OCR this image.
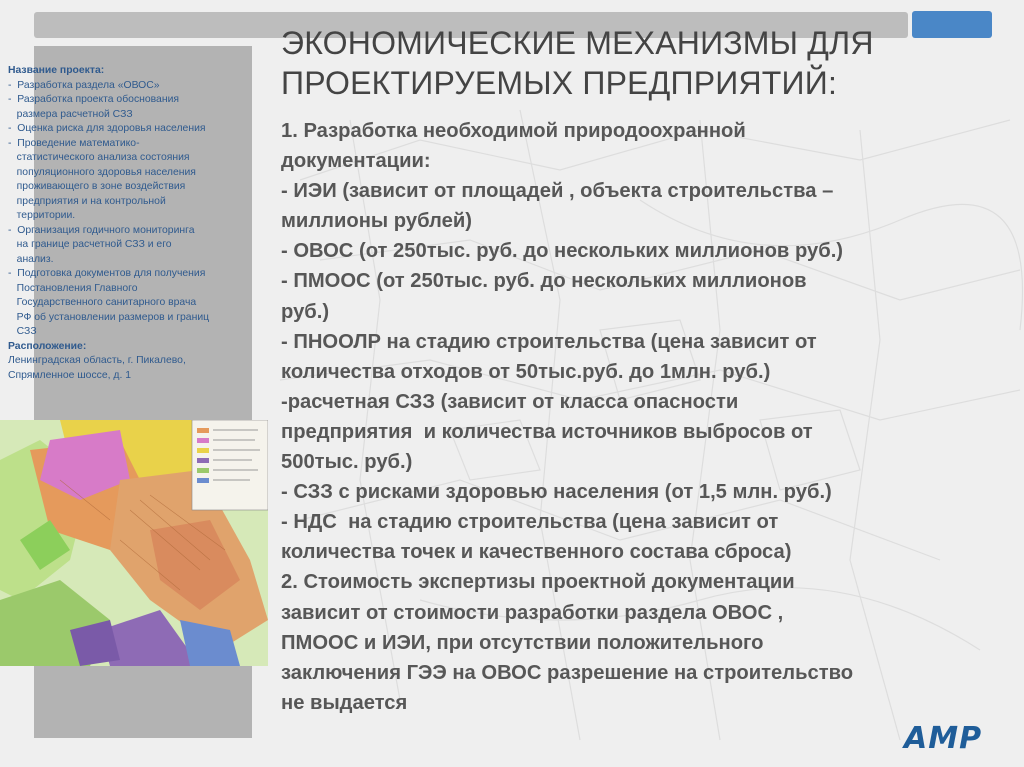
Название проекта:
-  Разработка раздела «ОВОС»
-  Разработка проекта обоснования
размера расчетной СЗЗ
-  Оценка риска для здоровья населения
-  Проведение математико-
статистического анализа состояния
популяционного здоровья населения
проживающего в зоне воздействия
предприятия и на контрольной
территории.
-  Организация годичного мониторинга
на границе расчетной СЗЗ и его
анализ.
-  Подготовка документов для получения
Постановления Главного
Государственного санитарного врача
РФ об установлении размеров и границ
СЗЗ
Расположение:
Ленинградская область, г. Пикалево,
Спрямленное шоссе, д. 1
ЭКОНОМИЧЕСКИЕ МЕХАНИЗМЫ ДЛЯ
ПРОЕКТИРУЕМЫХ ПРЕДПРИЯТИЙ:
1. Разработка необходимой природоохранной
документации:
- ИЭИ (зависит от площадей , объекта строительства –
миллионы рублей)
- ОВОС (от 250тыс. руб. до нескольких миллионов руб.)
- ПМООС (от 250тыс. руб. до нескольких миллионов
руб.)
- ПНООЛР на стадию строительства (цена зависит от
количества отходов от 50тыс.руб. до 1млн. руб.)
-расчетная СЗЗ (зависит от класса опасности
предприятия  и количества источников выбросов от
500тыс. руб.)
- СЗЗ с рисками здоровью населения (от 1,5 млн. руб.)
- НДС  на стадию строительства (цена зависит от
количества точек и качественного состава сброса)
2. Стоимость экспертизы проектной документации
зависит от стоимости разработки раздела ОВОС ,
ПМООС и ИЭИ, при отсутствии положительного
заключения ГЭЭ на ОВОС разрешение на строительство
не выдается
AMP
